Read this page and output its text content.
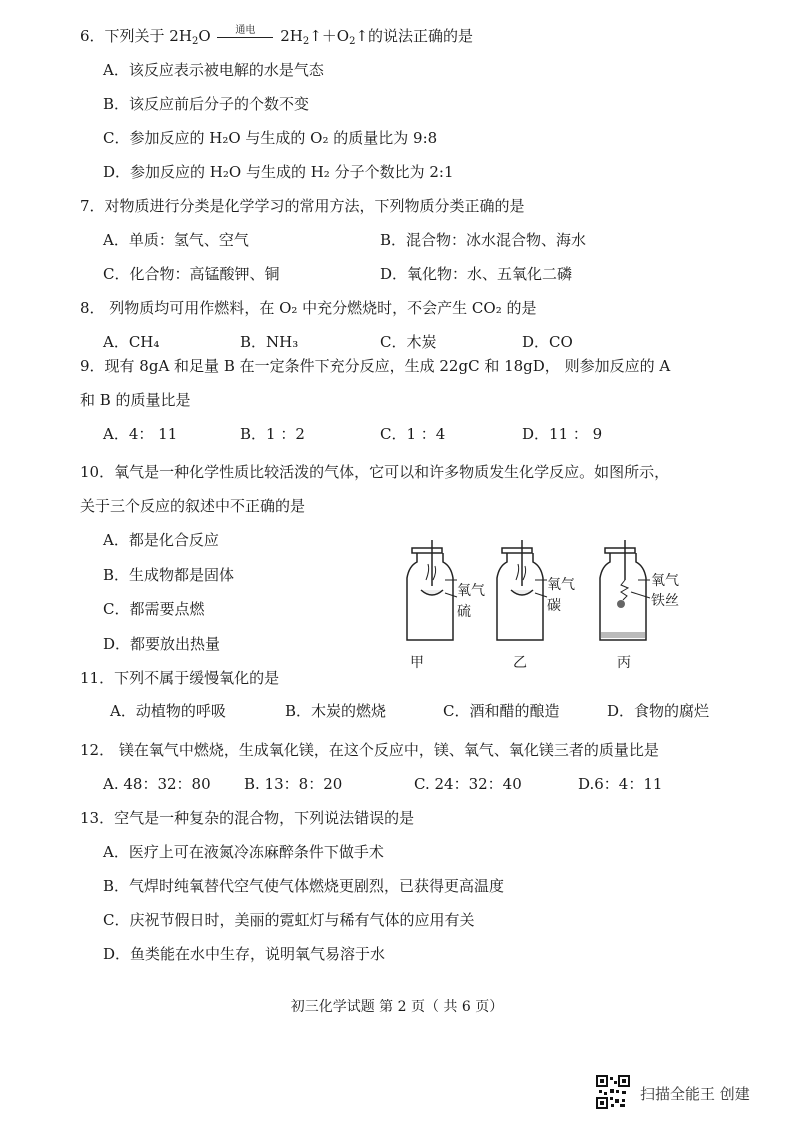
6．下列关于 $2H_2O$	通电	$2H_2↑+O_2↑$的说法正确的是
A．该反应表示被电解的水是气态
B．该反应前后分子的个数不变
C．参加反应的 H₂O 与生成的 O₂ 的质量比为 9:8
D．参加反应的 H₂O 与生成的 H₂ 分子个数比为 2:1
7．对物质进行分类是化学学习的常用方法，下列物质分类正确的是
A．单质：氢气、空气	B．混合物：冰水混合物、海水
C．化合物：高锰酸钾、铜	D．氧化物：水、五氧化二磷
8． 列物质均可用作燃料，在 O₂ 中充分燃烧时，不会产生 CO₂ 的是
A．CH₄	B．NH₃	C．木炭	D．CO
9．现有 8gA 和足量 B 在一定条件下充分反应，生成 22gC 和 18gD， 则参加反应的 A
和 B 的质量比是
A．4： 11	B．1 ：2	C．1 ：4	D．11 ： 9
10．氧气是一种化学性质比较活泼的气体，它可以和许多物质发生化学反应。如图所示，
关于三个反应的叙述中不正确的是
A．都是化合反应
B．生成物都是固体
C．都需要点燃
D．都要放出热量
氧气
硫
氧气
碳
甲	乙	丙
氧气
铁丝
11．下列不属于缓慢氧化的是
A．动植物的呼吸	B．木炭的燃烧	C．酒和醋的酿造	D．食物的腐烂
12． 镁在氧气中燃烧，生成氧化镁，在这个反应中，镁、氧气、氧化镁三者的质量比是
A. 48：32：80 B. 13：8：20	C. 24：32：40	D.6：4：11
13．空气是一种复杂的混合物，下列说法错误的是
A．医疗上可在液氮冷冻麻醉条件下做手术
B．气焊时纯氧替代空气使气体燃烧更剧烈，已获得更高温度
C．庆祝节假日时，美丽的霓虹灯与稀有气体的应用有关
D．鱼类能在水中生存，说明氧气易溶于水
初三化学试题 第 2 页（ 共 6 页）
扫描全能王 创建
